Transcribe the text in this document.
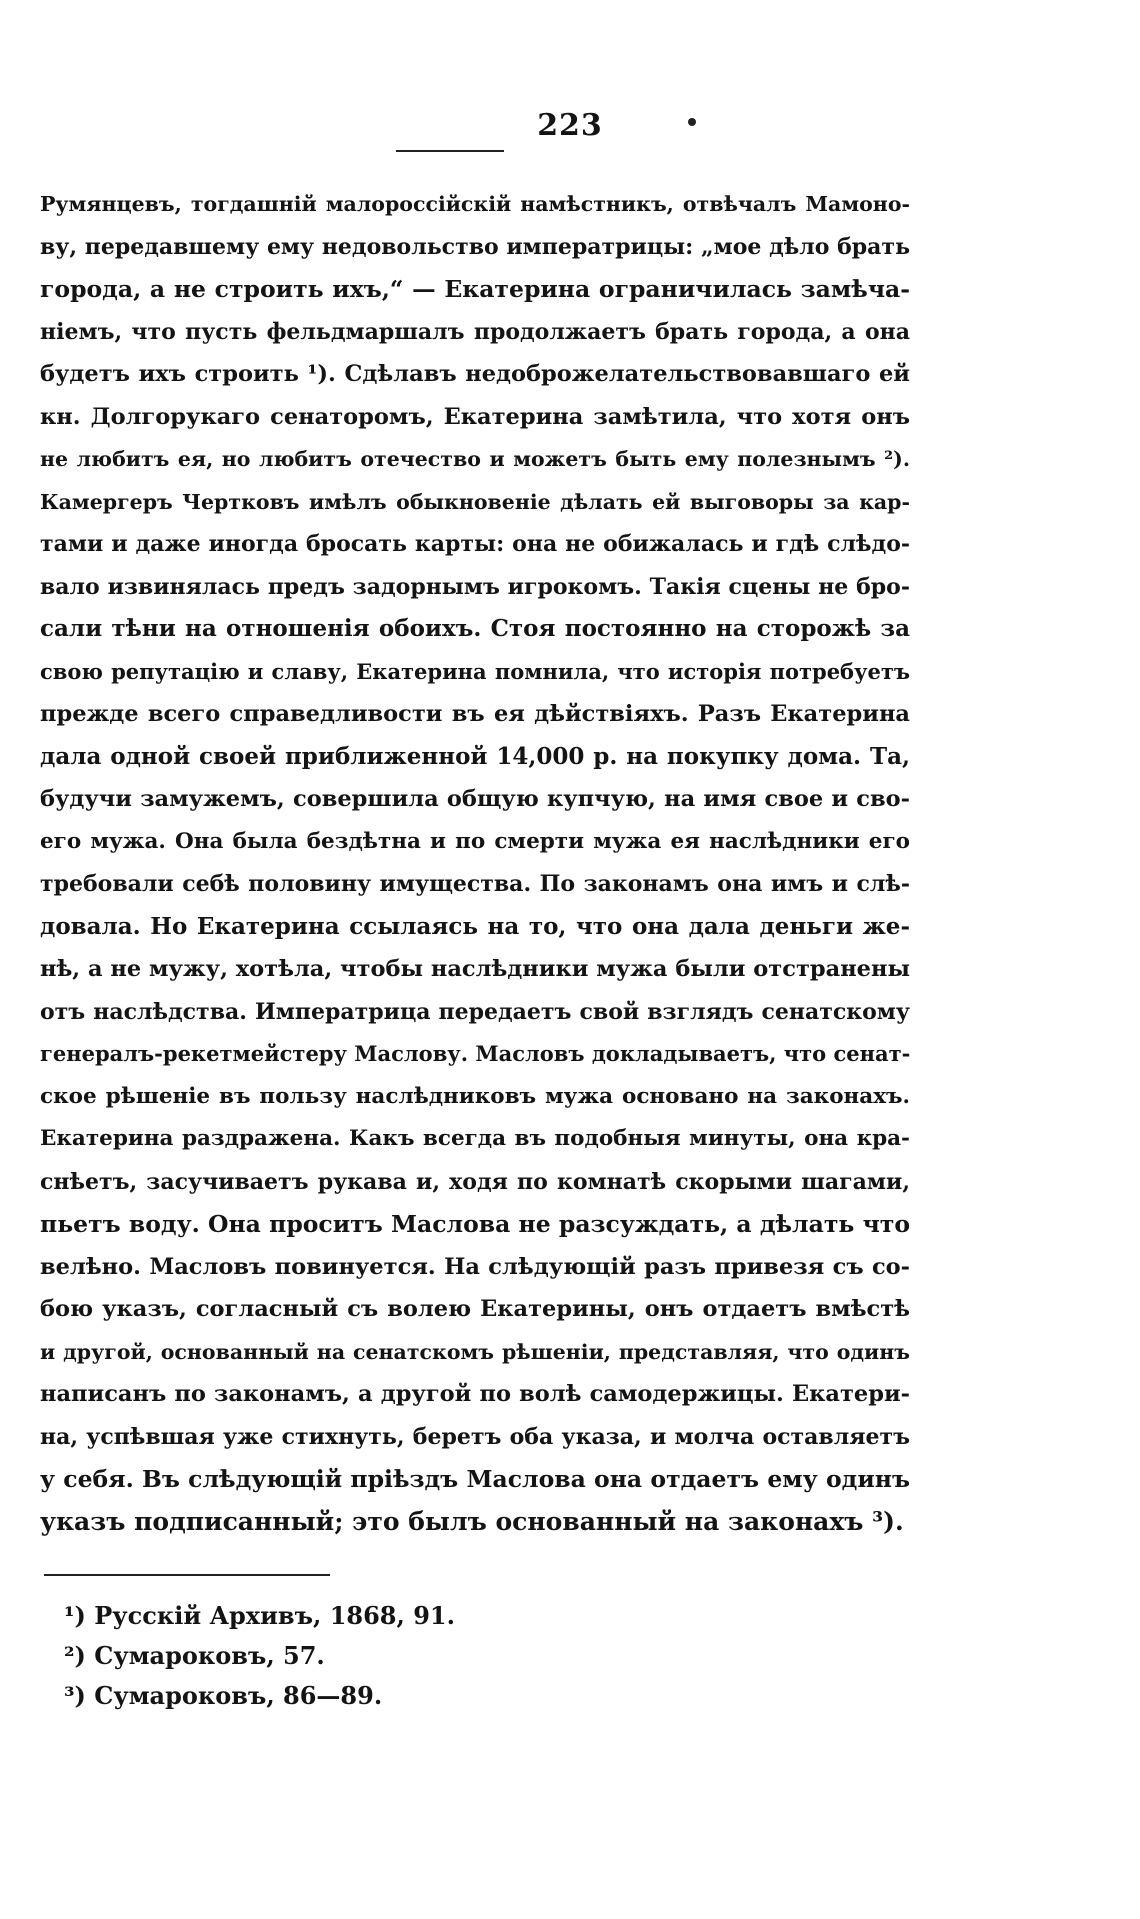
223
Румянцевъ, тогдашній малороссійскій намѣстникъ, отвѣчалъ Мамоно-
ву, передавшему ему недовольство императрицы: „мое дѣло брать
города, а не строить ихъ,“ — Екатерина ограничилась замѣча-
ніемъ, что пусть фельдмаршалъ продолжаетъ брать города, а она
будетъ ихъ строить ¹). Сдѣлавъ недоброжелательствовавшаго ей
кн. Долгорукаго сенаторомъ, Екатерина замѣтила, что хотя онъ
не любитъ ея, но любитъ отечество и можетъ быть ему полезнымъ ²).
Камергеръ Чертковъ имѣлъ обыкновеніе дѣлать ей выговоры за кар-
тами и даже иногда бросать карты: она не обижалась и гдѣ слѣдо-
вало извинялась предъ задорнымъ игрокомъ. Такія сцены не бро-
сали тѣни на отношенія обоихъ. Стоя постоянно на сторожѣ за
свою репутацію и славу, Екатерина помнила, что исторія потребуетъ
прежде всего справедливости въ ея дѣйствіяхъ. Разъ Екатерина
дала одной своей приближенной 14,000 р. на покупку дома. Та,
будучи замужемъ, совершила общую купчую, на имя свое и сво-
его мужа. Она была бездѣтна и по смерти мужа ея наслѣдники его
требовали себѣ половину имущества. По законамъ она имъ и слѣ-
довала. Но Екатерина ссылаясь на то, что она дала деньги же-
нѣ, а не мужу, хотѣла, чтобы наслѣдники мужа были отстранены
отъ наслѣдства. Императрица передаетъ свой взглядъ сенатскому
генералъ-рекетмейстеру Маслову. Масловъ докладываетъ, что сенат-
ское рѣшеніе въ пользу наслѣдниковъ мужа основано на законахъ.
Екатерина раздражена. Какъ всегда въ подобныя минуты, она кра-
снѣетъ, засучиваетъ рукава и, ходя по комнатѣ скорыми шагами,
пьетъ воду. Она проситъ Маслова не разсуждать, а дѣлать что
велѣно. Масловъ повинуется. На слѣдующій разъ привезя съ со-
бою указъ, согласный съ волею Екатерины, онъ отдаетъ вмѣстѣ
и другой, основанный на сенатскомъ рѣшеніи, представляя, что одинъ
написанъ по законамъ, а другой по волѣ самодержицы. Екатери-
на, успѣвшая уже стихнуть, беретъ оба указа, и молча оставляетъ
у себя. Въ слѣдующій пріѣздъ Маслова она отдаетъ ему одинъ
указъ подписанный; это былъ основанный на законахъ ³).
¹) Русскій Архивъ, 1868, 91.
²) Сумароковъ, 57.
³) Сумароковъ, 86—89.
